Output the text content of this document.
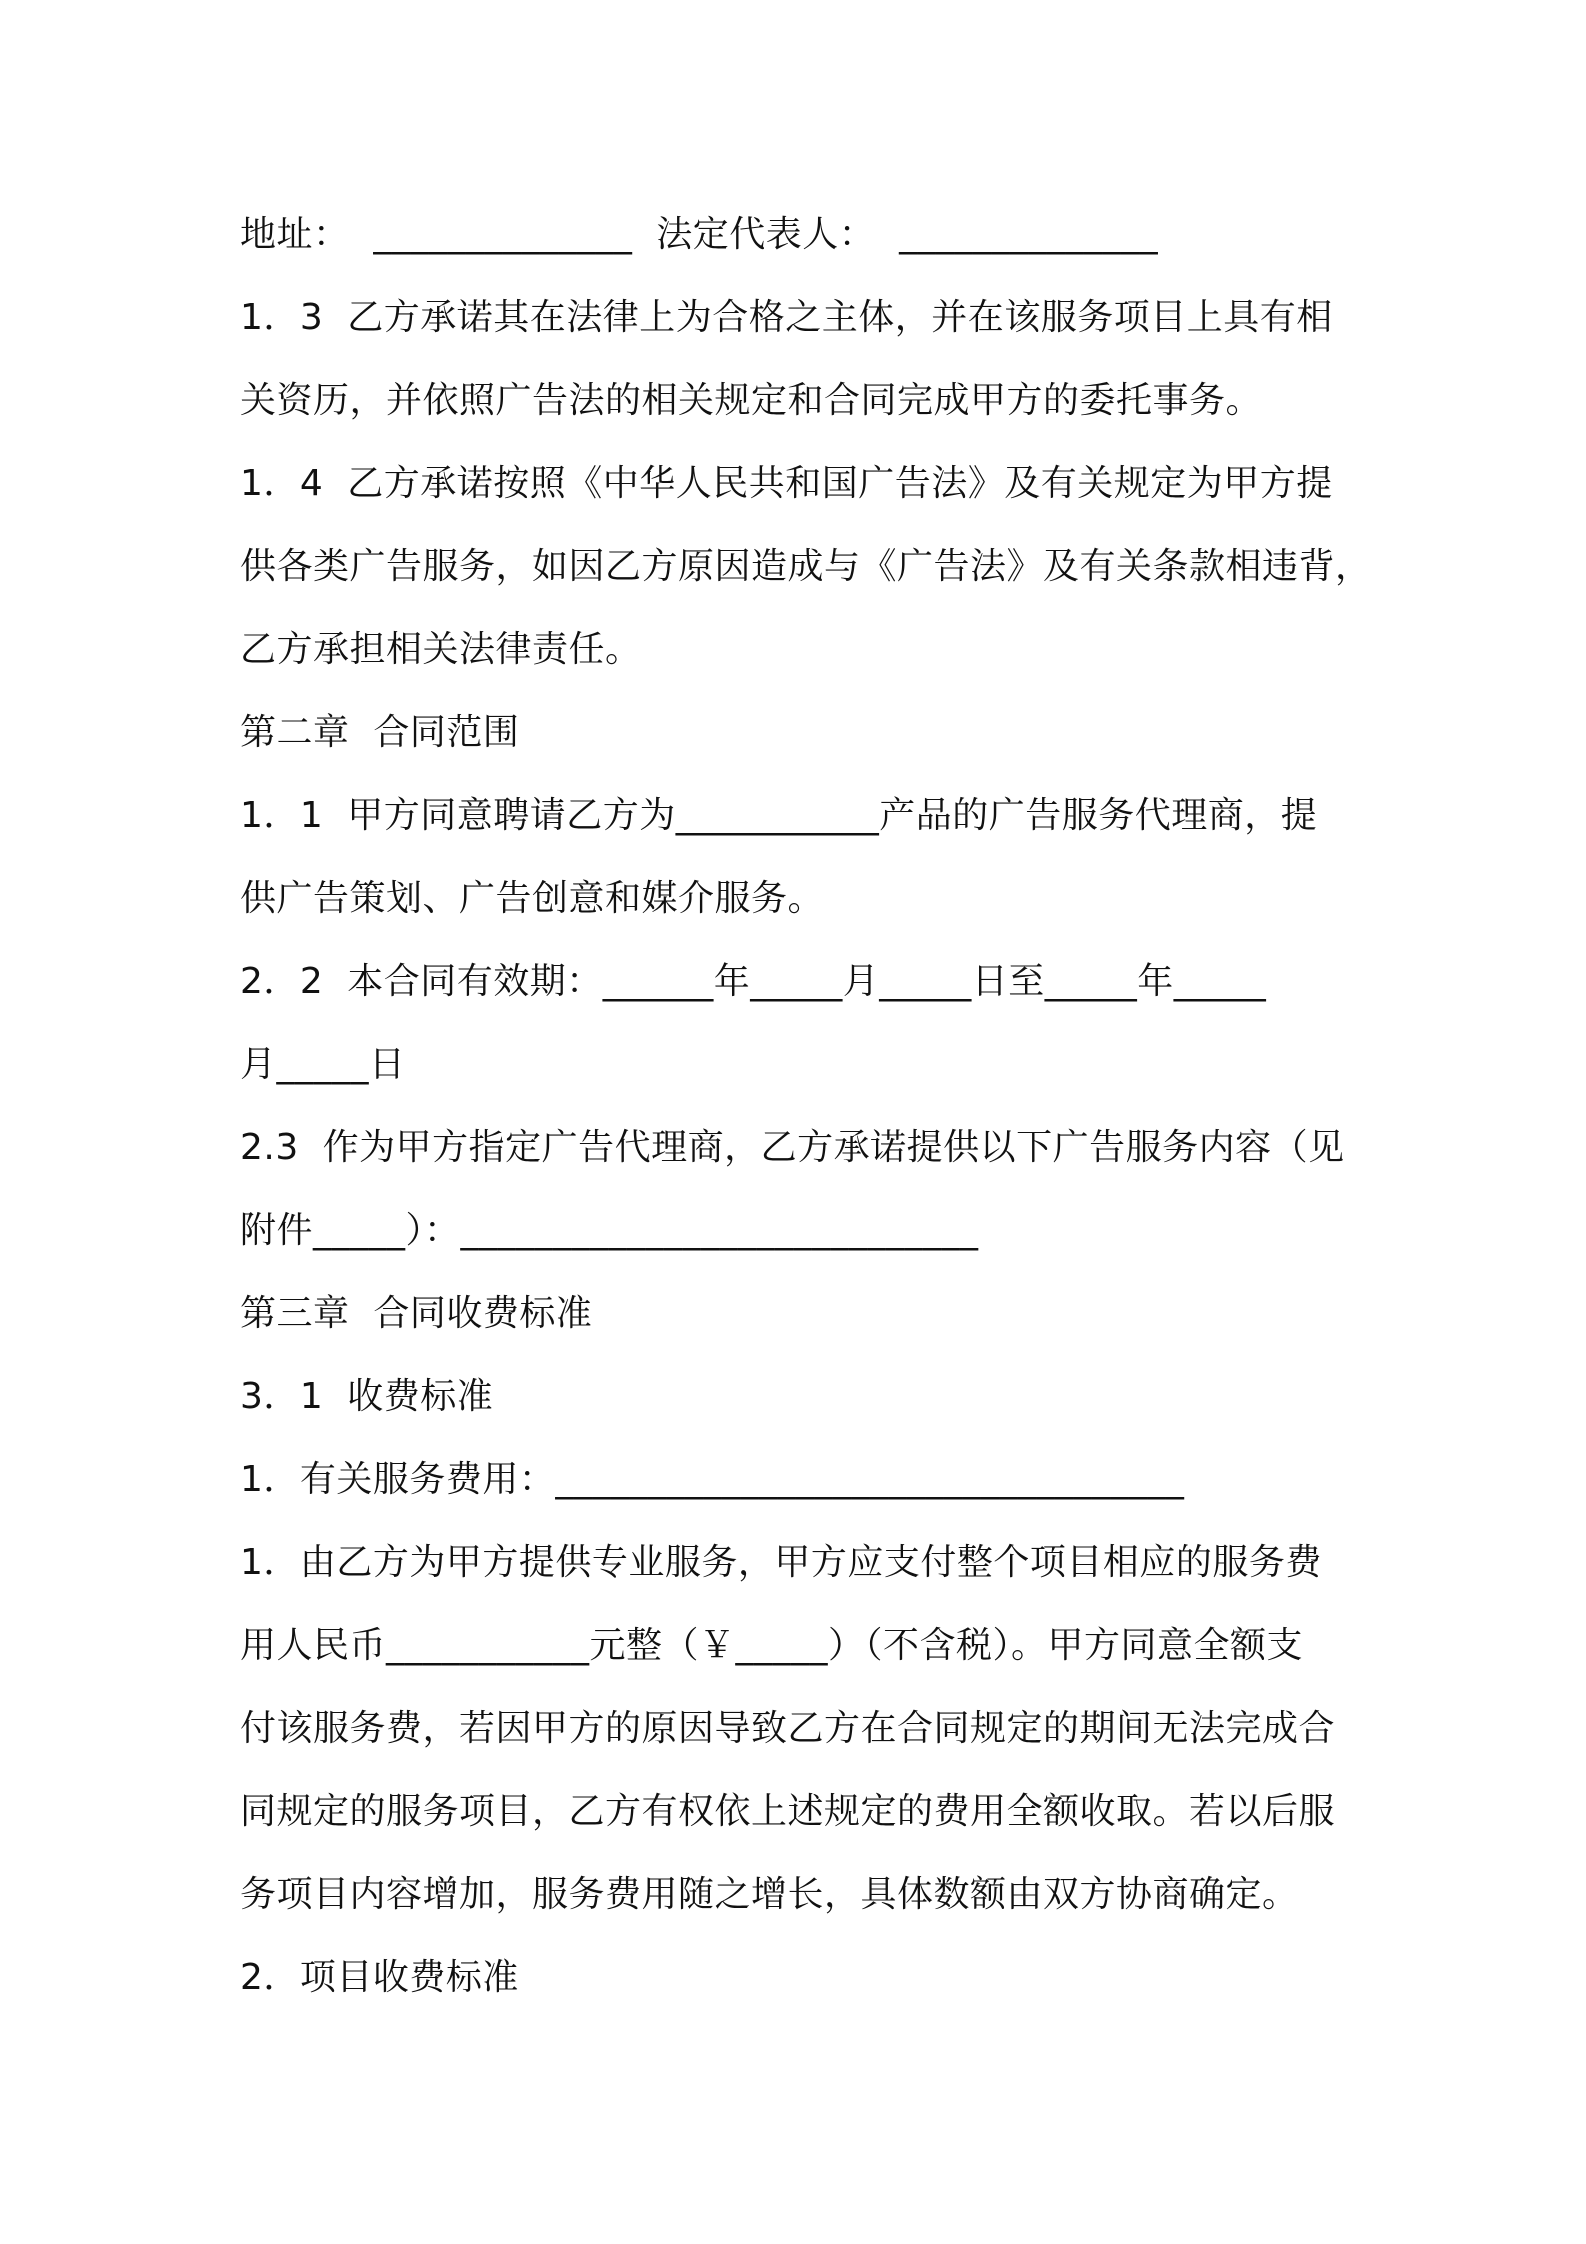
地址：  ______________  法定代表人：  ______________
1．3  乙方承诺其在法律上为合格之主体，并在该服务项目上具有相
关资历，并依照广告法的相关规定和合同完成甲方的委托事务。
1．4  乙方承诺按照《中华人民共和国广告法》及有关规定为甲方提
供各类广告服务，如因乙方原因造成与《广告法》及有关条款相违背，
乙方承担相关法律责任。
第二章  合同范围
1．1  甲方同意聘请乙方为___________产品的广告服务代理商，提
供广告策划、广告创意和媒介服务。
2．2  本合同有效期：______年_____月_____日至_____年_____
月_____日
2.3  作为甲方指定广告代理商，乙方承诺提供以下广告服务内容（见
附件_____）：____________________________
第三章  合同收费标准
3．1  收费标准
1．有关服务费用：__________________________________
1．由乙方为甲方提供专业服务，甲方应支付整个项目相应的服务费
用人民币___________元整（￥_____）（不含税）。甲方同意全额支
付该服务费，若因甲方的原因导致乙方在合同规定的期间无法完成合
同规定的服务项目，乙方有权依上述规定的费用全额收取。若以后服
务项目内容增加，服务费用随之增长，具体数额由双方协商确定。
2．项目收费标准
